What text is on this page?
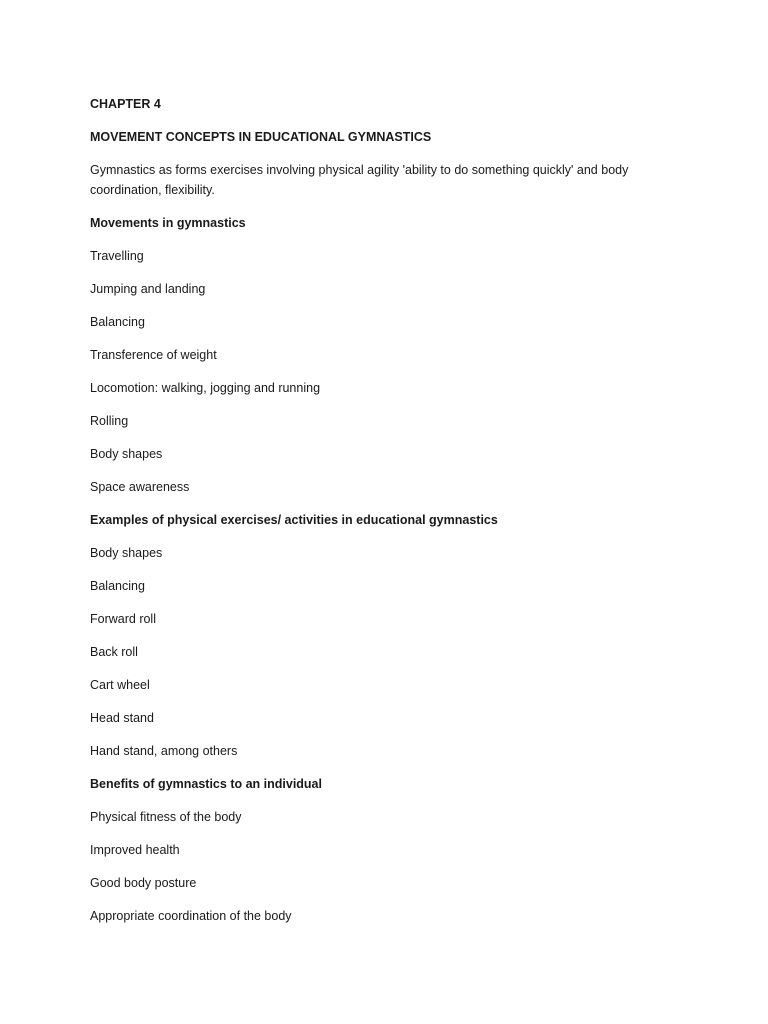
CHAPTER 4
MOVEMENT CONCEPTS IN EDUCATIONAL GYMNASTICS
Gymnastics as forms exercises involving physical agility 'ability to do something quickly' and body coordination, flexibility.
Movements in gymnastics
Travelling
Jumping and landing
Balancing
Transference of weight
Locomotion: walking, jogging and running
Rolling
Body shapes
Space awareness
Examples of physical exercises/ activities in educational gymnastics
Body shapes
Balancing
Forward roll
Back roll
Cart wheel
Head stand
Hand stand, among others
Benefits of gymnastics to an individual
Physical fitness of the body
Improved health
Good body posture
Appropriate coordination of the body
